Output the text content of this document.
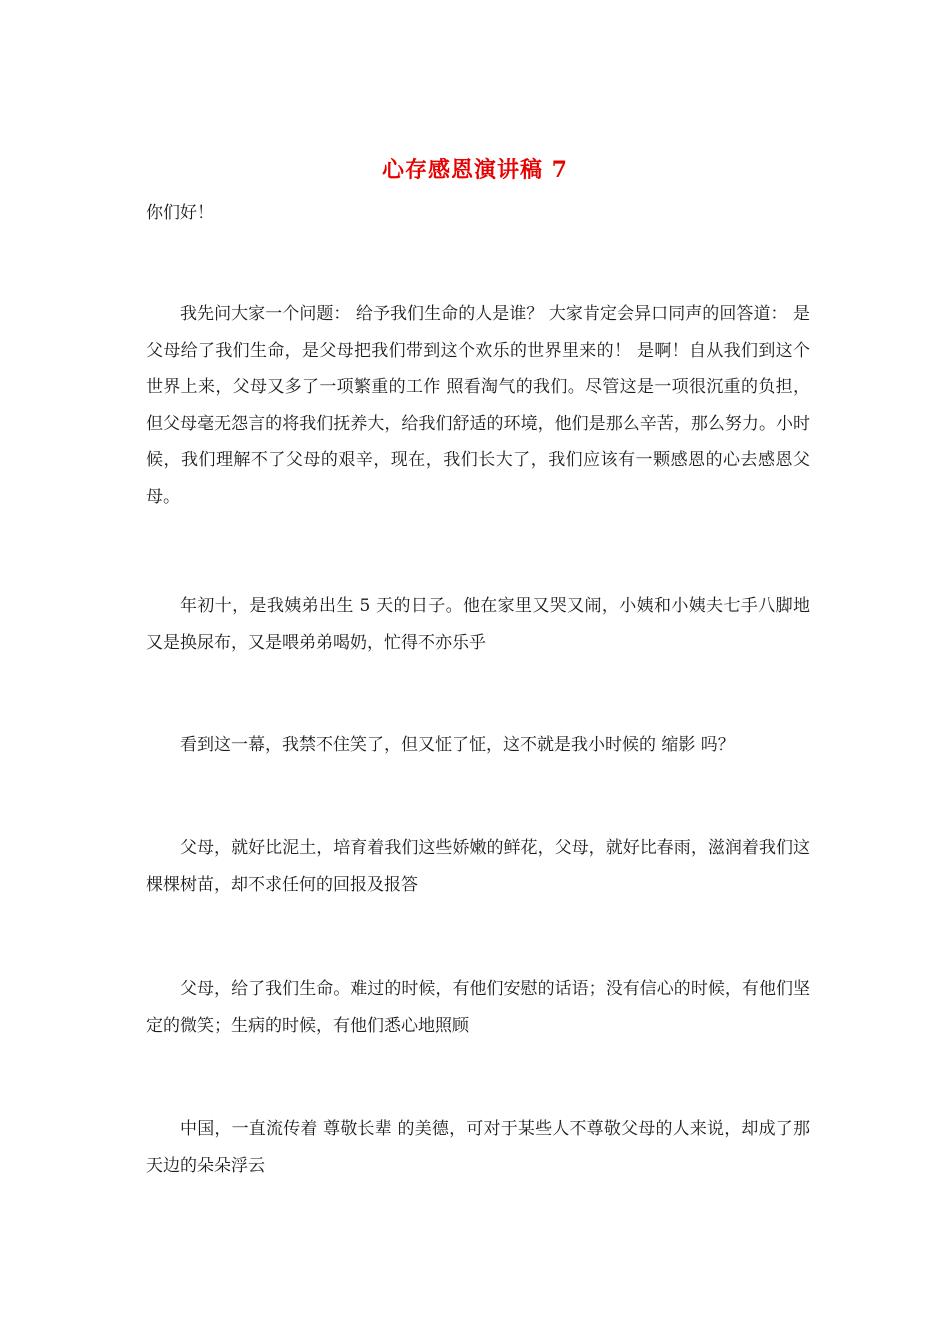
心存感恩演讲稿 7
你们好！

我先问大家一个问题： 给予我们生命的人是谁？ 大家肯定会异口同声的回答道： 是父母给了我们生命，是父母把我们带到这个欢乐的世界里来的！ 是啊！自从我们到这个世界上来，父母又多了一项繁重的工作 照看淘气的我们。尽管这是一项很沉重的负担，但父母毫无怨言的将我们抚养大，给我们舒适的环境，他们是那么辛苦，那么努力。小时候，我们理解不了父母的艰辛，现在，我们长大了，我们应该有一颗感恩的心去感恩父母。

年初十，是我姨弟出生 5 天的日子。他在家里又哭又闹，小姨和小姨夫七手八脚地又是换尿布，又是喂弟弟喝奶，忙得不亦乐乎

看到这一幕，我禁不住笑了，但又怔了怔，这不就是我小时候的 缩影 吗？

父母，就好比泥土，培育着我们这些娇嫩的鲜花，父母，就好比春雨，滋润着我们这棵棵树苗，却不求任何的回报及报答

父母，给了我们生命。难过的时候，有他们安慰的话语；没有信心的时候，有他们坚定的微笑；生病的时候，有他们悉心地照顾

中国，一直流传着 尊敬长辈 的美德，可对于某些人不尊敬父母的人来说，却成了那天边的朵朵浮云
